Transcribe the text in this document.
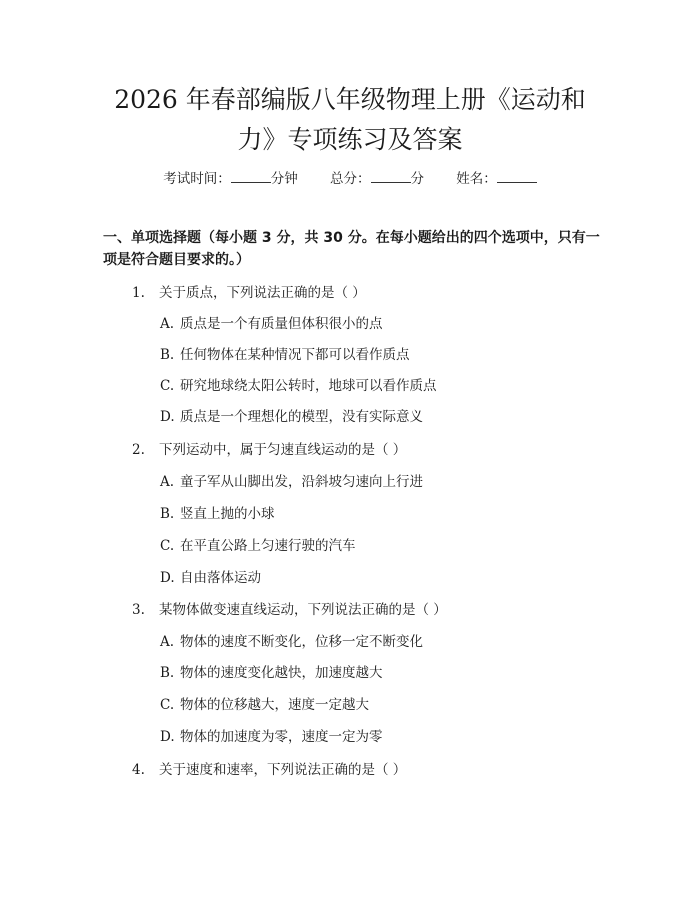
2026 年春部编版八年级物理上册《运动和
力》专项练习及答案
考试时间：	分钟 总分：	分 姓名：
一、单项选择题（每小题 3 分，共 30 分。在每小题给出的四个选项中，只有一项是符合题目要求的。）
1. 关于质点，下列说法正确的是（ ）
A. 质点是一个有质量但体积很小的点
B. 任何物体在某种情况下都可以看作质点
C. 研究地球绕太阳公转时，地球可以看作质点
D. 质点是一个理想化的模型，没有实际意义
2. 下列运动中，属于匀速直线运动的是（ ）
A. 童子军从山脚出发，沿斜坡匀速向上行进
B. 竖直上抛的小球
C. 在平直公路上匀速行驶的汽车
D. 自由落体运动
3. 某物体做变速直线运动，下列说法正确的是（ ）
A. 物体的速度不断变化，位移一定不断变化
B. 物体的速度变化越快，加速度越大
C. 物体的位移越大，速度一定越大
D. 物体的加速度为零，速度一定为零
4. 关于速度和速率，下列说法正确的是（ ）
